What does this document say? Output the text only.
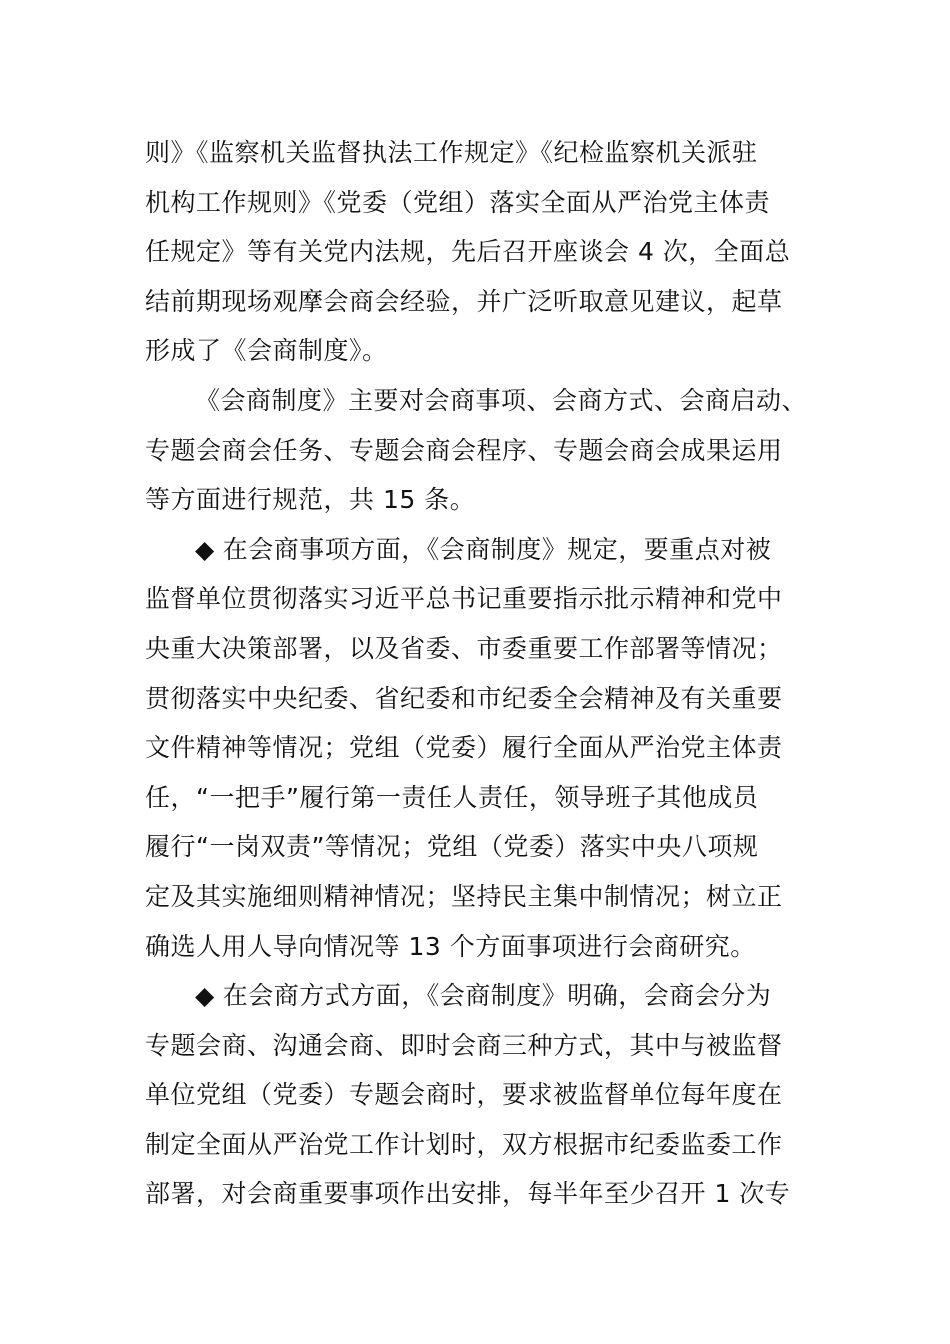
则》《监察机关监督执法工作规定》《纪检监察机关派驻
机构工作规则》《党委（党组）落实全面从严治党主体责
任规定》等有关党内法规，先后召开座谈会 4 次，全面总
结前期现场观摩会商会经验，并广泛听取意见建议，起草
形成了《会商制度》。
《会商制度》主要对会商事项、会商方式、会商启动、
专题会商会任务、专题会商会程序、专题会商会成果运用
等方面进行规范，共 15 条。
◆ 在会商事项方面，《会商制度》规定，要重点对被
监督单位贯彻落实习近平总书记重要指示批示精神和党中
央重大决策部署，以及省委、市委重要工作部署等情况；
贯彻落实中央纪委、省纪委和市纪委全会精神及有关重要
文件精神等情况；党组（党委）履行全面从严治党主体责
任，“一把手”履行第一责任人责任，领导班子其他成员
履行“一岗双责”等情况；党组（党委）落实中央八项规
定及其实施细则精神情况；坚持民主集中制情况；树立正
确选人用人导向情况等 13 个方面事项进行会商研究。
◆ 在会商方式方面，《会商制度》明确，会商会分为
专题会商、沟通会商、即时会商三种方式，其中与被监督
单位党组（党委）专题会商时，要求被监督单位每年度在
制定全面从严治党工作计划时，双方根据市纪委监委工作
部署，对会商重要事项作出安排，每半年至少召开 1 次专
